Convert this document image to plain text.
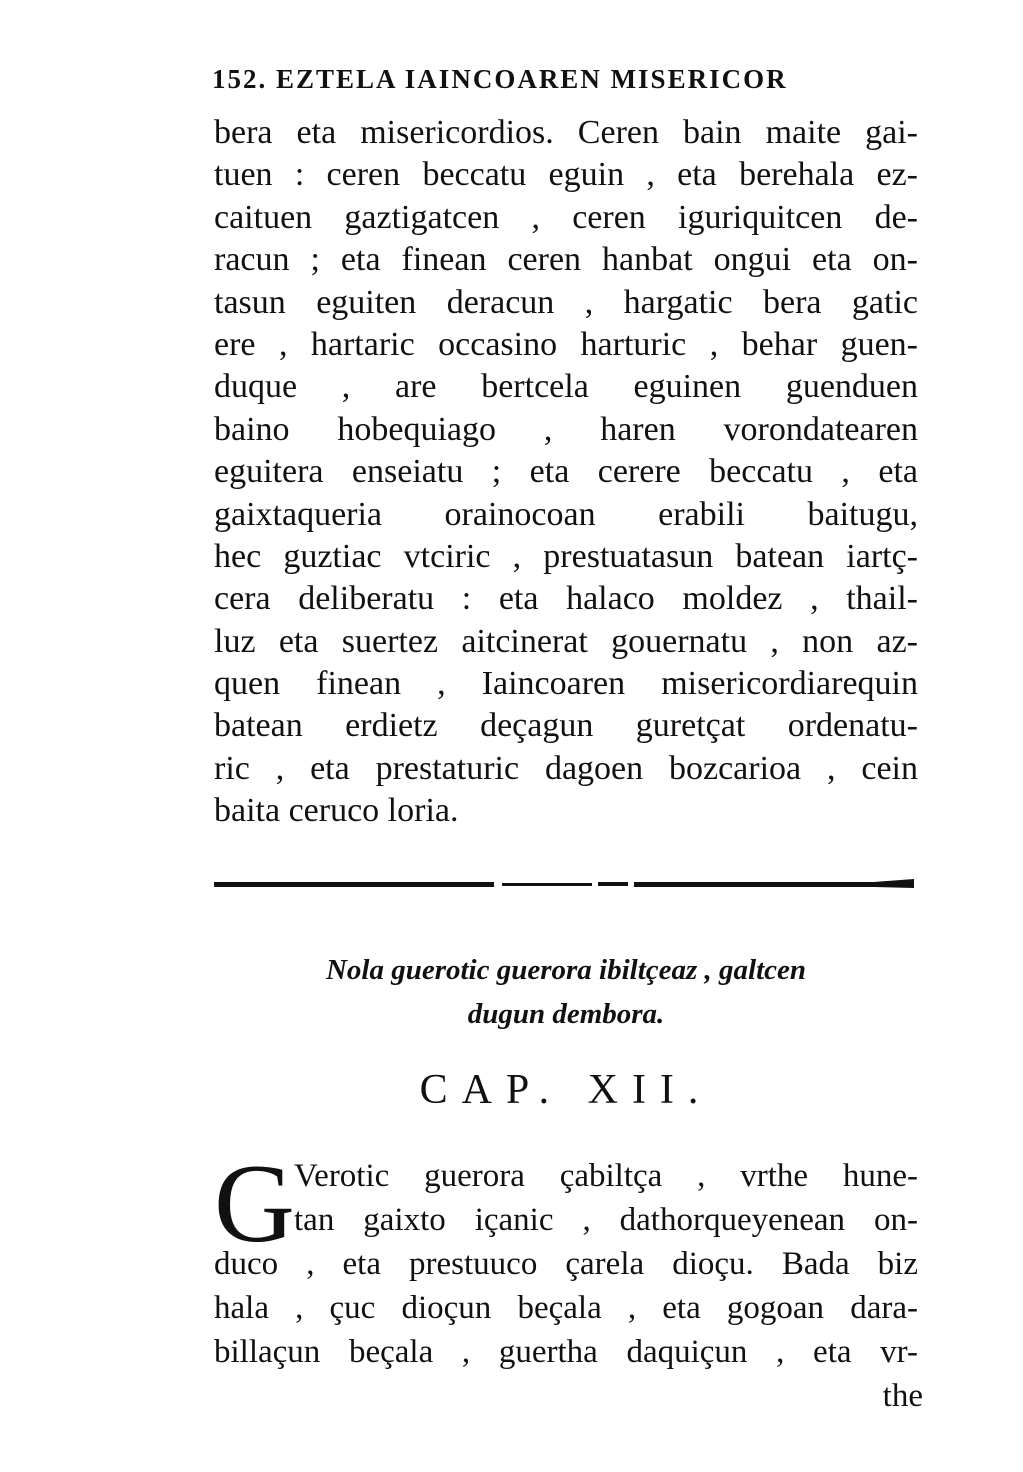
152. EZTELA IAINCOAREN MISERICOR
bera eta misericordios. Ceren bain maite gai-
tuen : ceren beccatu eguin , eta berehala ez-
caituen gaztigatcen , ceren iguriquitcen de-
racun ; eta finean ceren hanbat ongui eta on-
tasun eguiten deracun , hargatic bera gatic
ere , hartaric occasino harturic , behar guen-
duque , are bertcela eguinen guenduen
baino hobequiago , haren vorondatearen
eguitera enseiatu ; eta cerere beccatu , eta
gaixtaqueria orainocoan erabili baitugu,
hec guztiac vtciric , prestuatasun batean iartç-
cera deliberatu : eta halaco moldez , thail-
luz eta suertez aitcinerat gouernatu , non az-
quen finean , Iaincoaren misericordiarequin
batean erdietz deçagun guretçat ordenatu-
ric , eta prestaturic dagoen bozcarioa , cein
baita ceruco loria.
Nola guerotic guerora ibiltçeaz , galtcen
dugun dembora.
CAP. XII.
G Verotic guerora çabiltça , vrthe hune-
tan gaixto içanic , dathorqueyenean on-
duco , eta prestuuco çarela dioçu. Bada biz
hala , çuc dioçun beçala , eta gogoan dara-
billaçun beçala , guertha daquiçun , eta vr-
the
